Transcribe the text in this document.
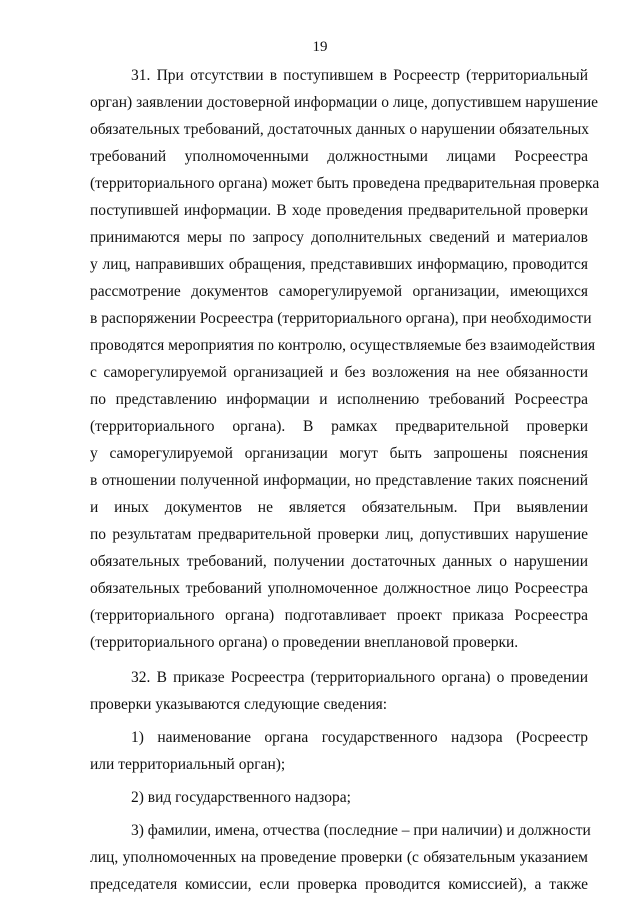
19
31. При отсутствии в поступившем в Росреестр (территориальный
орган) заявлении достоверной информации о лице, допустившем нарушение
обязательных требований, достаточных данных о нарушении обязательных
требований уполномоченными должностными лицами Росреестра
(территориального органа) может быть проведена предварительная проверка
поступившей информации. В ходе проведения предварительной проверки
принимаются меры по запросу дополнительных сведений и материалов
у лиц, направивших обращения, представивших информацию, проводится
рассмотрение документов саморегулируемой организации, имеющихся
в распоряжении Росреестра (территориального органа), при необходимости
проводятся мероприятия по контролю, осуществляемые без взаимодействия
с саморегулируемой организацией и без возложения на нее обязанности
по представлению информации и исполнению требований Росреестра
(территориального органа). В рамках предварительной проверки
у саморегулируемой организации могут быть запрошены пояснения
в отношении полученной информации, но представление таких пояснений
и иных документов не является обязательным. При выявлении
по результатам предварительной проверки лиц, допустивших нарушение
обязательных требований, получении достаточных данных о нарушении
обязательных требований уполномоченное должностное лицо Росреестра
(территориального органа) подготавливает проект приказа Росреестра
(территориального органа) о проведении внеплановой проверки.
32. В приказе Росреестра (территориального органа) о проведении
проверки указываются следующие сведения:
1) наименование органа государственного надзора (Росреестр
или территориальный орган);
2) вид государственного надзора;
3) фамилии, имена, отчества (последние – при наличии) и должности
лиц, уполномоченных на проведение проверки (с обязательным указанием
председателя комиссии, если проверка проводится комиссией), а также
